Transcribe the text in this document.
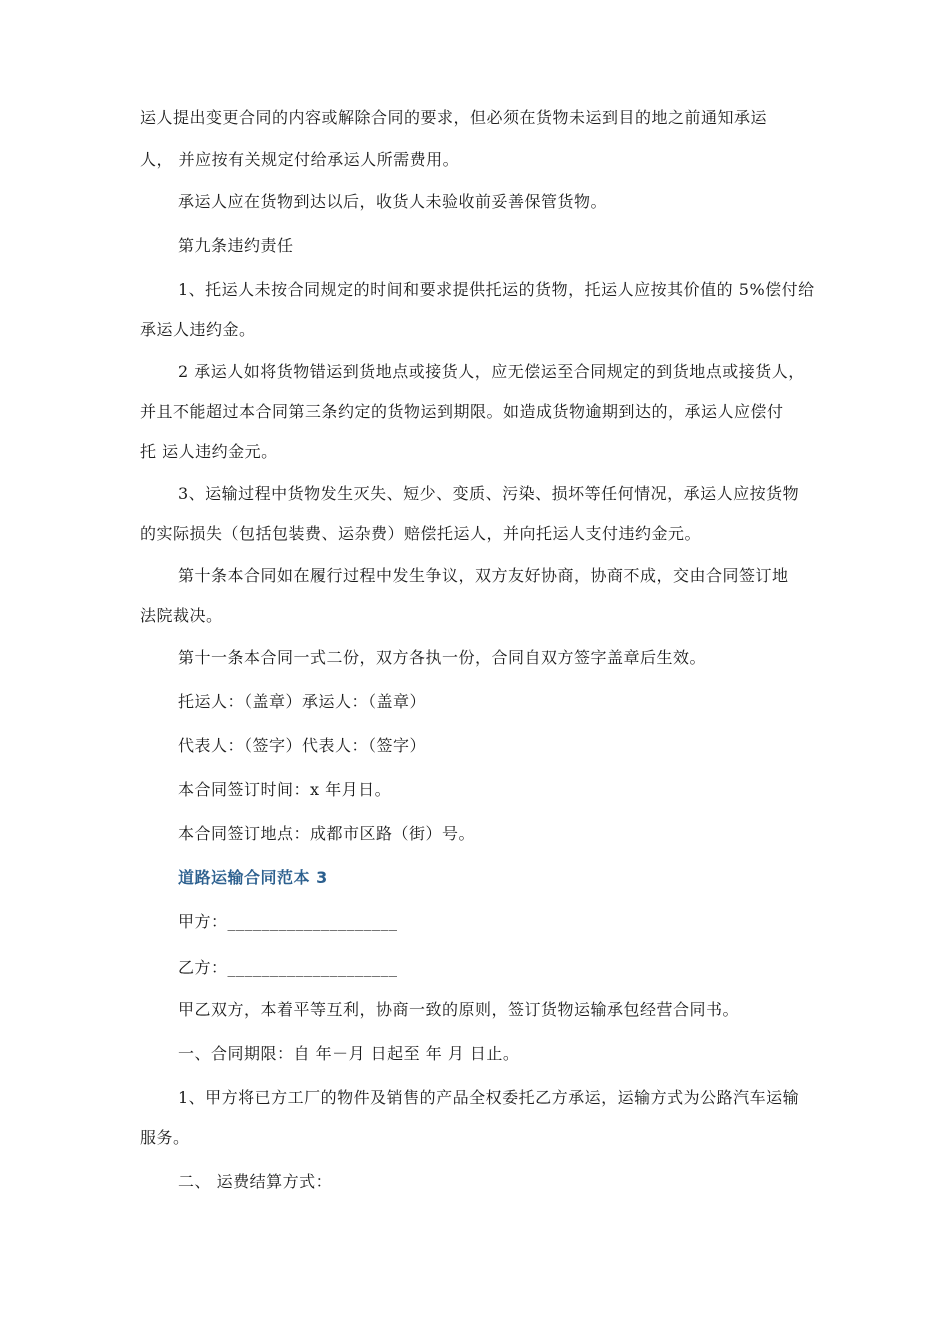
运人提出变更合同的内容或解除合同的要求，但必须在货物未运到目的地之前通知承运
人， 并应按有关规定付给承运人所需费用。
承运人应在货物到达以后，收货人未验收前妥善保管货物。
第九条违约责任
1、托运人未按合同规定的时间和要求提供托运的货物，托运人应按其价值的 5%偿付给
承运人违约金。
2 承运人如将货物错运到货地点或接货人，应无偿运至合同规定的到货地点或接货人，
并且不能超过本合同第三条约定的货物运到期限。如造成货物逾期到达的，承运人应偿付
托 运人违约金元。
3、运输过程中货物发生灭失、短少、变质、污染、损坏等任何情况，承运人应按货物
的实际损失（包括包装费、运杂费）赔偿托运人，并向托运人支付违约金元。
第十条本合同如在履行过程中发生争议，双方友好协商，协商不成，交由合同签订地
法院裁决。
第十一条本合同一式二份，双方各执一份，合同自双方签字盖章后生效。
托运人：（盖章）承运人：（盖章）
代表人：（签字）代表人：（签字）
本合同签订时间：x 年月日。
本合同签订地点：成都市区路（街）号。
道路运输合同范本 3
甲方：____________________
乙方：____________________
甲乙双方，本着平等互利，协商一致的原则，签订货物运输承包经营合同书。
一、合同期限：自 年－月 日起至 年 月 日止。
1、甲方将已方工厂的物件及销售的产品全权委托乙方承运，运输方式为公路汽车运输
服务。
二、 运费结算方式：
